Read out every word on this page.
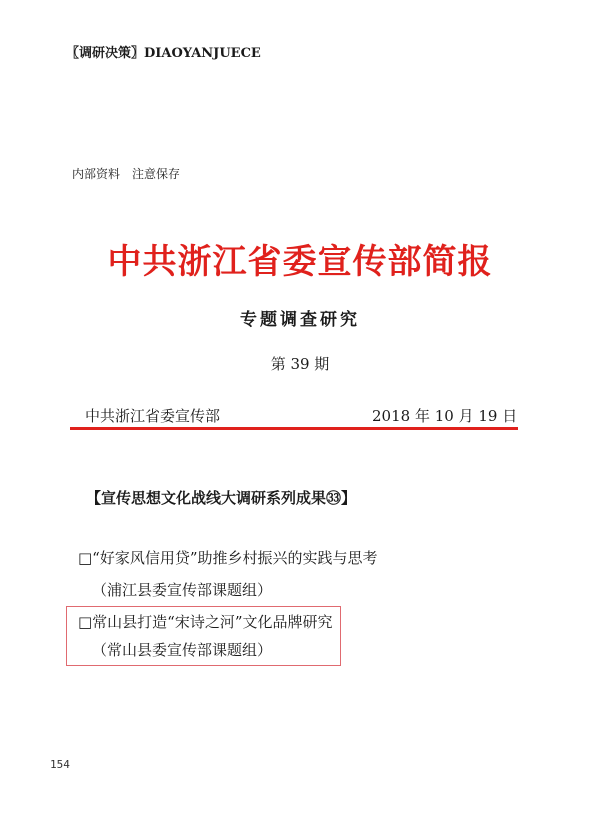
〖调研决策〗DIAOYANJUECE
内部资料　注意保存
中共浙江省委宣传部简报
专题调查研究
第 39 期
中共浙江省委宣传部	2018 年 10 月 19 日
【宣传思想文化战线大调研系列成果㉝】
□“好家风信用贷”助推乡村振兴的实践与思考
（浦江县委宣传部课题组）
□常山县打造“宋诗之河”文化品牌研究
（常山县委宣传部课题组）
154
